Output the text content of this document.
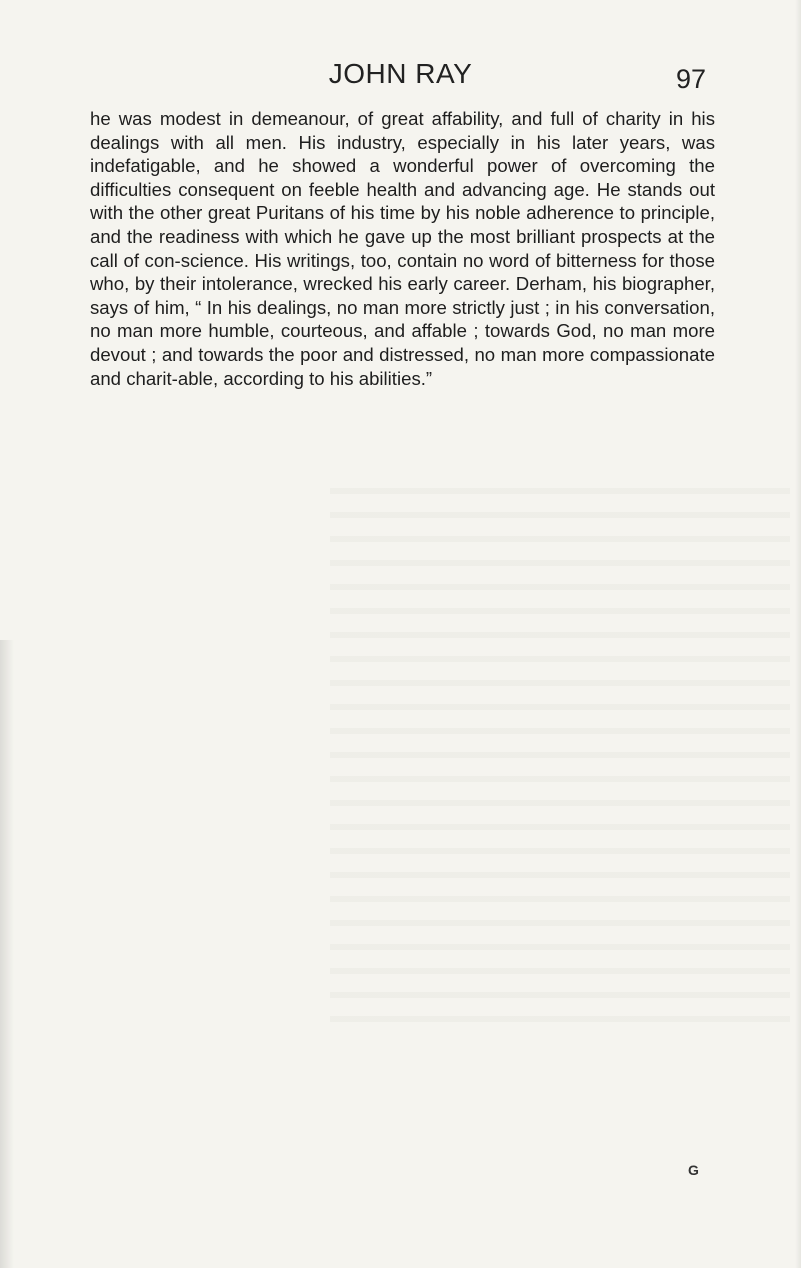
JOHN RAY	97

he was modest in demeanour, of great affability, and full of charity in his dealings with all men. His industry, especially in his later years, was indefatigable, and he showed a wonderful power of overcoming the difficulties consequent on feeble health and advancing age. He stands out with the other great Puritans of his time by his noble adherence to principle, and the readiness with which he gave up the most brilliant prospects at the call of con-science. His writings, too, contain no word of bitterness for those who, by their intolerance, wrecked his early career. Derham, his biographer, says of him, “ In his dealings, no man more strictly just ; in his conversation, no man more humble, courteous, and affable ; towards God, no man more devout ; and towards the poor and distressed, no man more compassionate and charit-able, according to his abilities.”

G
